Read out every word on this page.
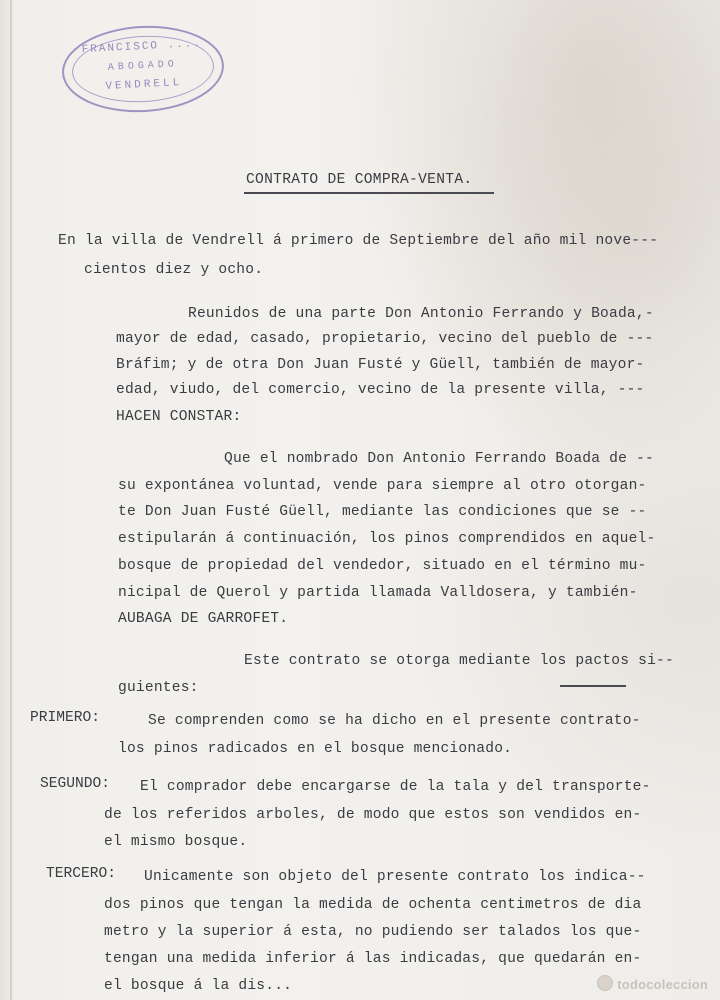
FRANCISCO ....
ABOGADO
VENDRELL
CONTRATO DE COMPRA-VENTA.
En la villa de Vendrell á primero de Septiembre del año mil nove---
cientos diez y ocho.
Reunidos de una parte Don Antonio Ferrando y Boada,-
mayor de edad, casado, propietario, vecino del pueblo de ---
Bráfim; y de otra Don Juan Fusté y Güell, también de mayor-
edad, viudo, del comercio, vecino de la presente villa, ---
HACEN CONSTAR:
Que el nombrado Don Antonio Ferrando Boada de --
su expontánea voluntad, vende para siempre al otro otorgan-
te Don Juan Fusté Güell, mediante las condiciones que se --
estipularán á continuación, los pinos comprendidos en aquel-
bosque de propiedad del vendedor, situado en el término mu-
nicipal de Querol y partida llamada Valldosera, y también-
AUBAGA DE GARROFET.
Este contrato se otorga mediante los pactos si--
guientes:
PRIMERO:	Se comprenden como se ha dicho en el presente contrato-
los pinos radicados en el bosque mencionado.
SEGUNDO: El comprador debe encargarse de la tala y del transporte-
de los referidos arboles, de modo que estos son vendidos en-
el mismo bosque.
TERCERO: Unicamente son objeto del presente contrato los indica--
dos pinos que tengan la medida de ochenta centimetros de dia
metro y la superior á esta, no pudiendo ser talados los que-
tengan una medida inferior á las indicadas, que quedarán en-
el bosque á la dis...	todocoleccion
